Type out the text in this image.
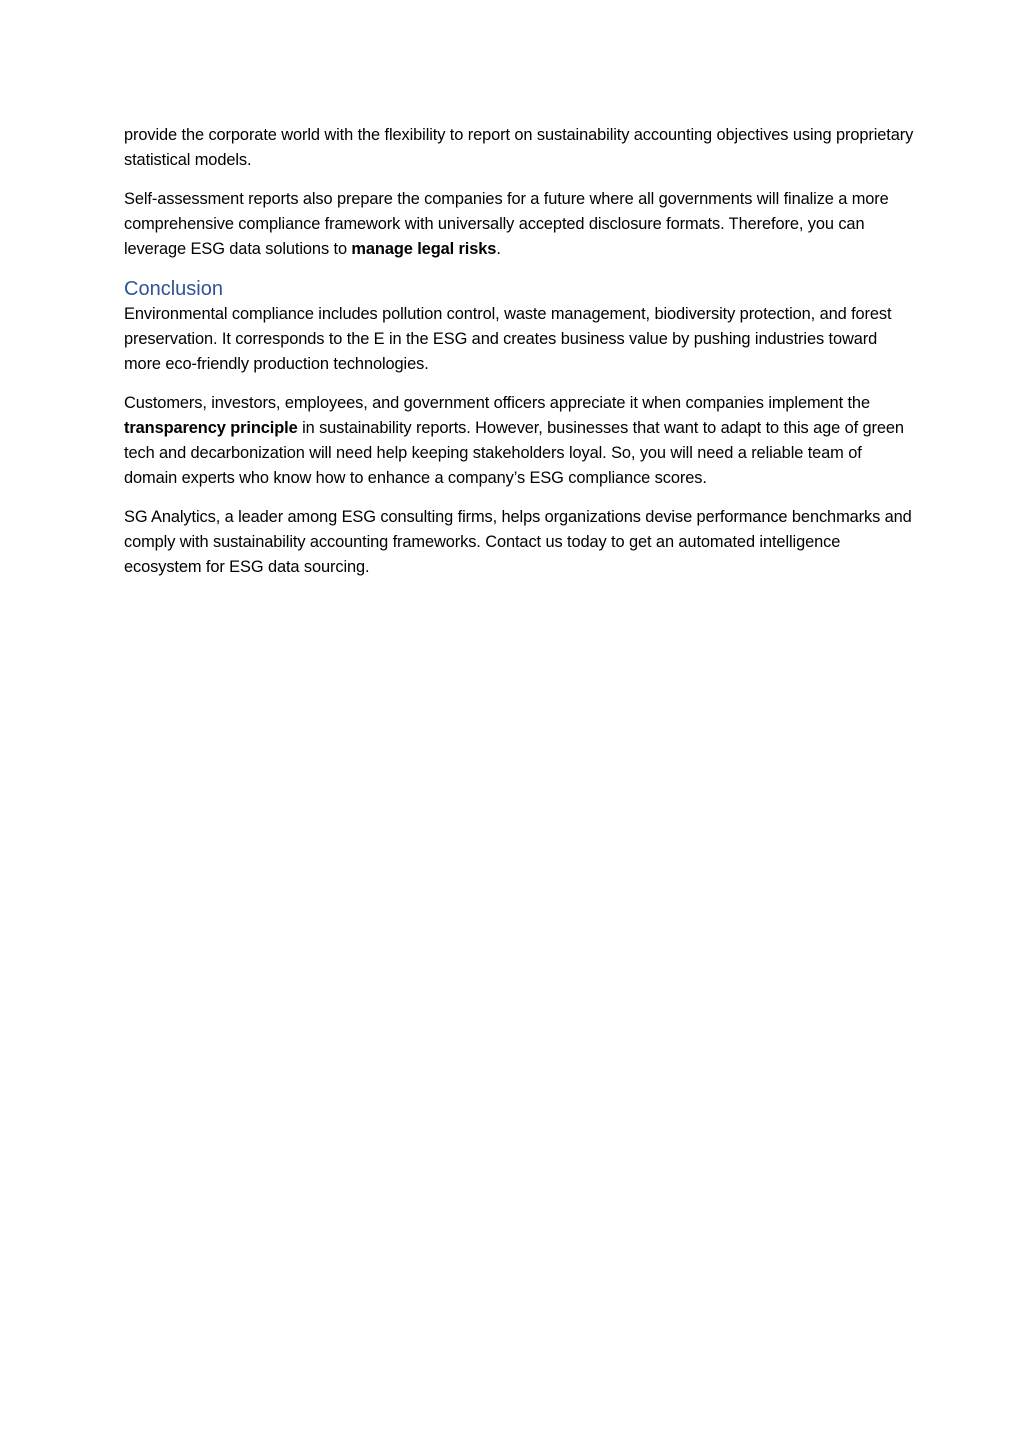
provide the corporate world with the flexibility to report on sustainability accounting objectives using proprietary statistical models.

Self-assessment reports also prepare the companies for a future where all governments will finalize a more comprehensive compliance framework with universally accepted disclosure formats. Therefore, you can leverage ESG data solutions to manage legal risks.

Conclusion

Environmental compliance includes pollution control, waste management, biodiversity protection, and forest preservation. It corresponds to the E in the ESG and creates business value by pushing industries toward more eco-friendly production technologies.

Customers, investors, employees, and government officers appreciate it when companies implement the transparency principle in sustainability reports. However, businesses that want to adapt to this age of green tech and decarbonization will need help keeping stakeholders loyal. So, you will need a reliable team of domain experts who know how to enhance a company’s ESG compliance scores.

SG Analytics, a leader among ESG consulting firms, helps organizations devise performance benchmarks and comply with sustainability accounting frameworks. Contact us today to get an automated intelligence ecosystem for ESG data sourcing.
